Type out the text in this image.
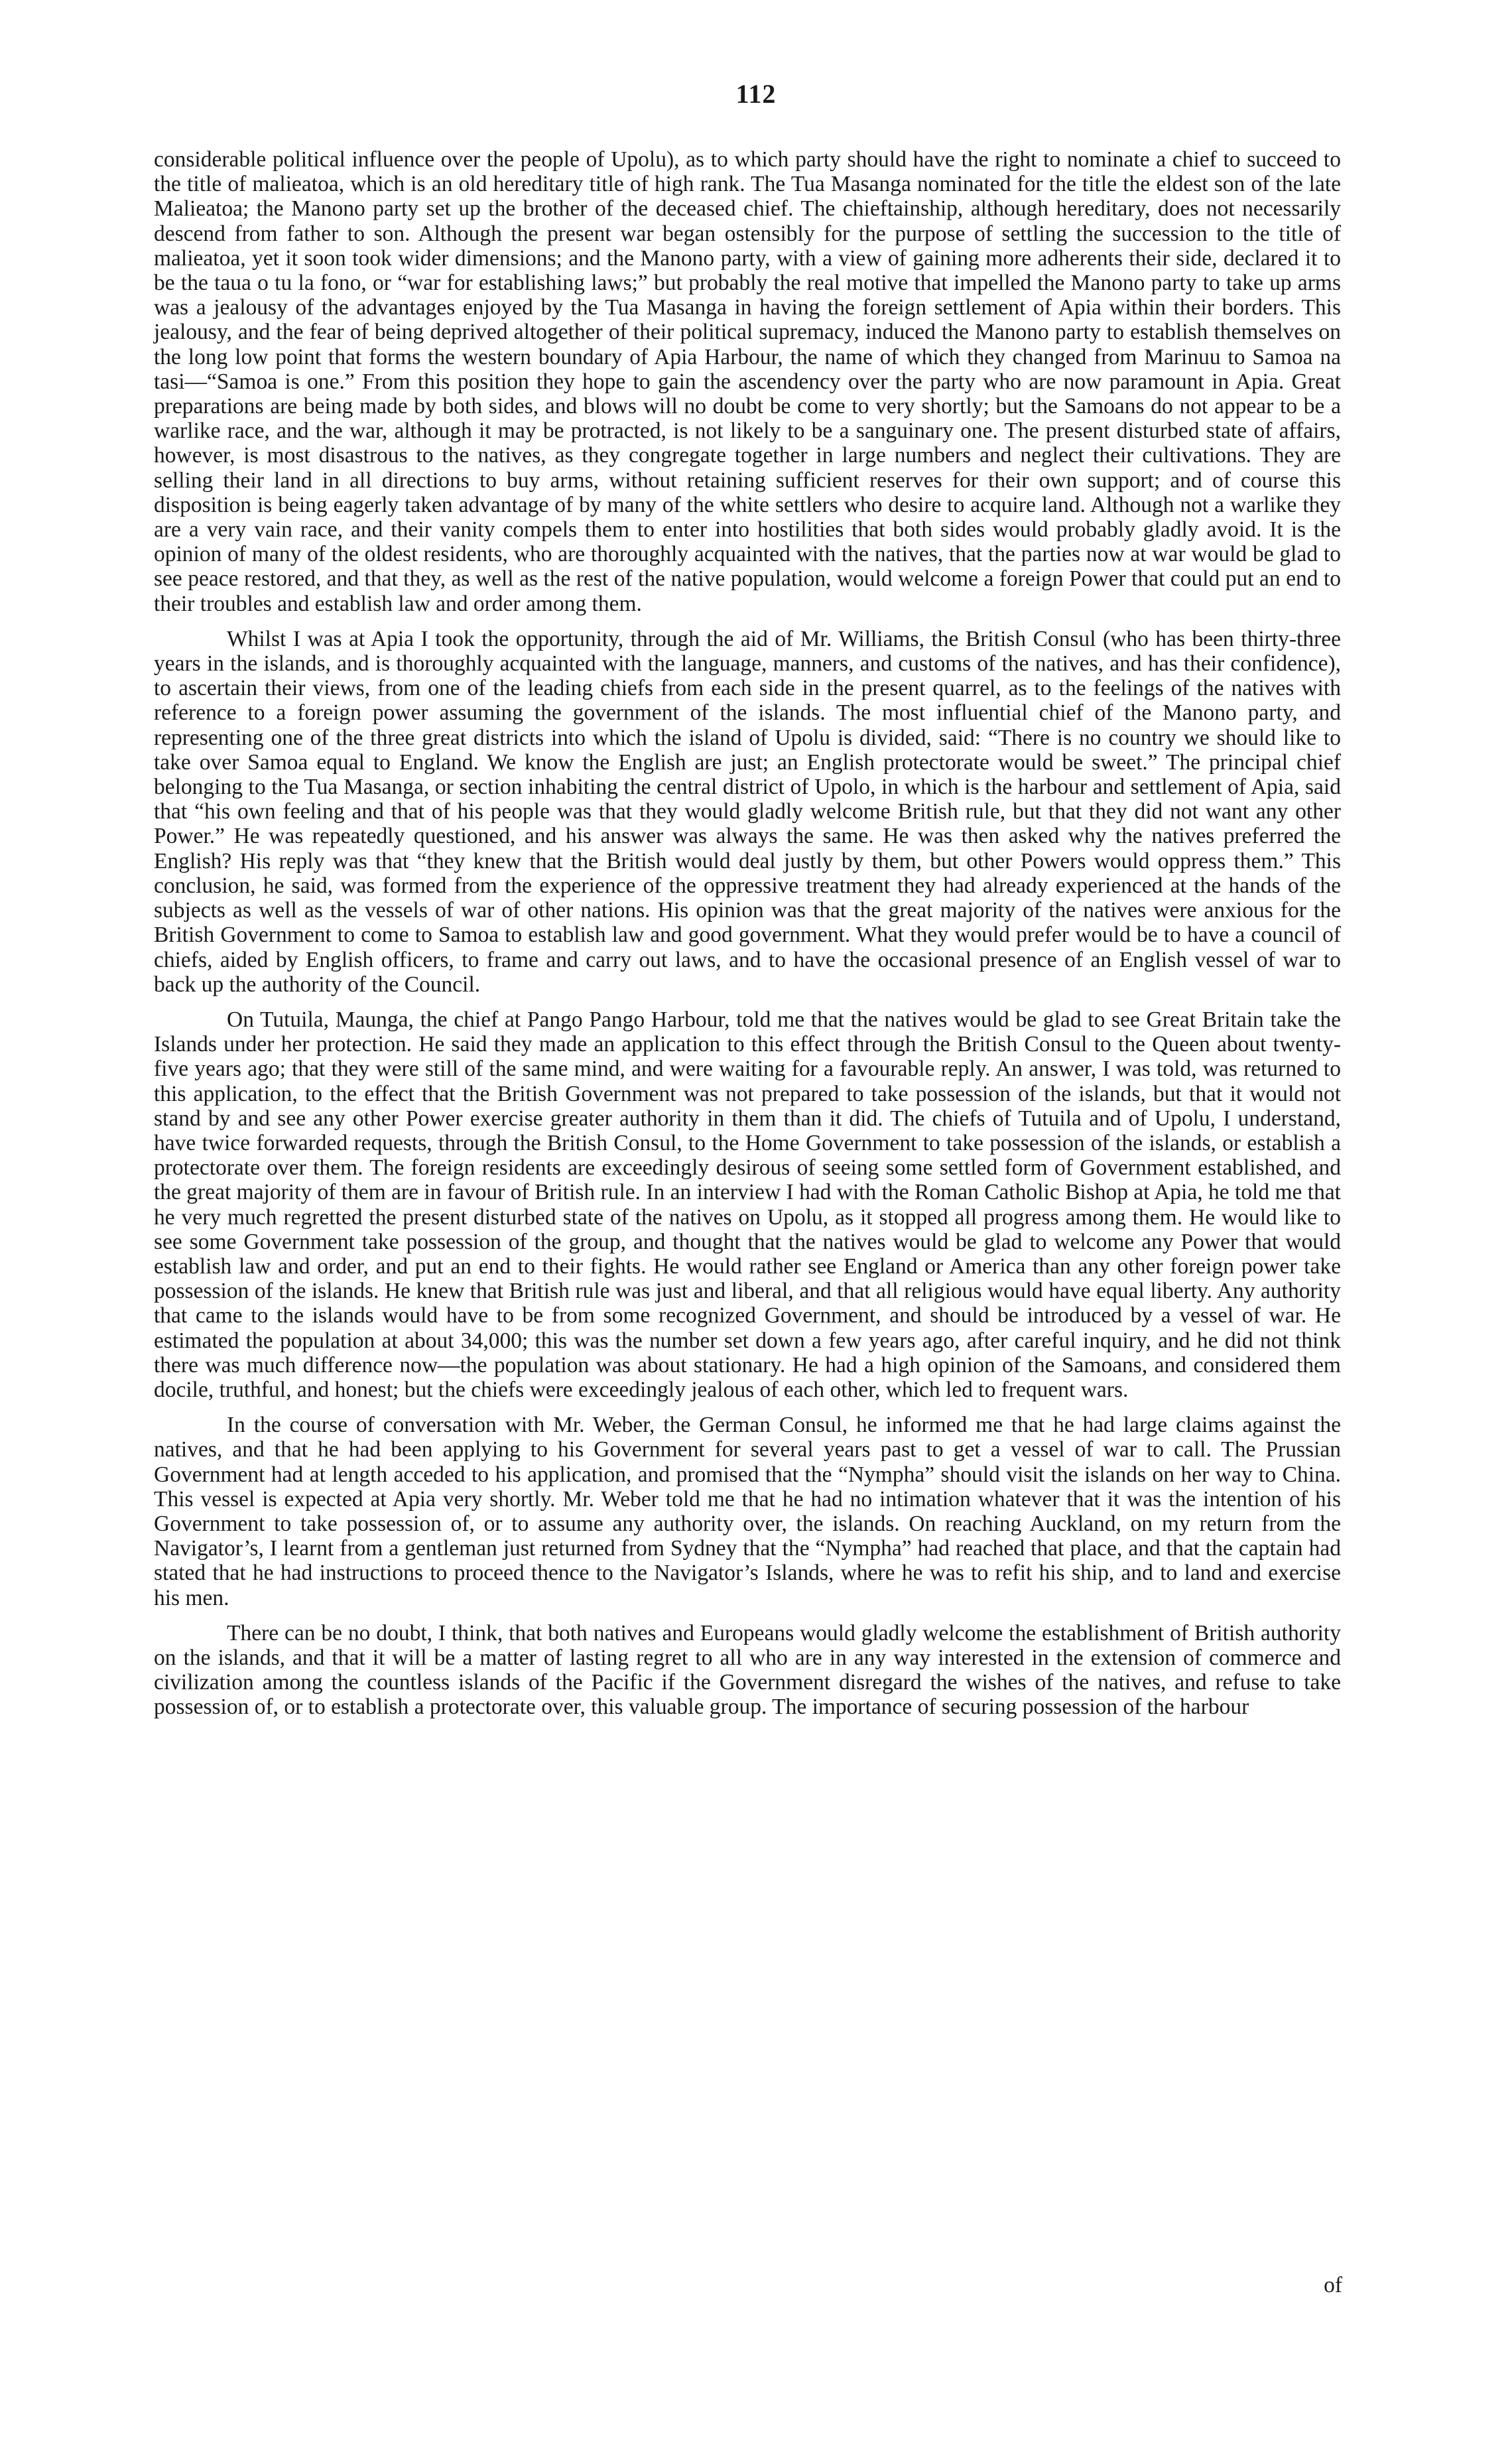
112

considerable political influence over the people of Upolu), as to which party should have the right to nominate a chief to succeed to the title of malieatoa, which is an old hereditary title of high rank. The Tua Masanga nominated for the title the eldest son of the late Malieatoa; the Manono party set up the brother of the deceased chief. The chieftainship, although hereditary, does not necessarily descend from father to son. Although the present war began ostensibly for the purpose of settling the succession to the title of malieatoa, yet it soon took wider dimensions; and the Manono party, with a view of gaining more adherents their side, declared it to be the taua o tu la fono, or “war for establishing laws;” but probably the real motive that impelled the Manono party to take up arms was a jealousy of the advantages enjoyed by the Tua Masanga in having the foreign settlement of Apia within their borders. This jealousy, and the fear of being deprived altogether of their political supremacy, induced the Manono party to establish themselves on the long low point that forms the western boundary of Apia Harbour, the name of which they changed from Marinuu to Samoa na tasi—“Samoa is one.” From this position they hope to gain the ascendency over the party who are now paramount in Apia. Great preparations are being made by both sides, and blows will no doubt be come to very shortly; but the Samoans do not appear to be a warlike race, and the war, although it may be protracted, is not likely to be a sanguinary one. The present disturbed state of affairs, however, is most disastrous to the natives, as they congregate together in large numbers and neglect their cultivations. They are selling their land in all directions to buy arms, without retaining sufficient reserves for their own support; and of course this disposition is being eagerly taken advantage of by many of the white settlers who desire to acquire land. Although not a warlike they are a very vain race, and their vanity compels them to enter into hostilities that both sides would probably gladly avoid. It is the opinion of many of the oldest residents, who are thoroughly acquainted with the natives, that the parties now at war would be glad to see peace restored, and that they, as well as the rest of the native population, would welcome a foreign Power that could put an end to their troubles and establish law and order among them.

Whilst I was at Apia I took the opportunity, through the aid of Mr. Williams, the British Consul (who has been thirty-three years in the islands, and is thoroughly acquainted with the language, manners, and customs of the natives, and has their confidence), to ascertain their views, from one of the leading chiefs from each side in the present quarrel, as to the feelings of the natives with reference to a foreign power assuming the government of the islands. The most influential chief of the Manono party, and representing one of the three great districts into which the island of Upolu is divided, said: “There is no country we should like to take over Samoa equal to England. We know the English are just; an English protectorate would be sweet.” The principal chief belonging to the Tua Masanga, or section inhabiting the central district of Upolo, in which is the harbour and settlement of Apia, said that “his own feeling and that of his people was that they would gladly welcome British rule, but that they did not want any other Power.” He was repeatedly questioned, and his answer was always the same. He was then asked why the natives preferred the English? His reply was that “they knew that the British would deal justly by them, but other Powers would oppress them.” This conclusion, he said, was formed from the experience of the oppressive treatment they had already experienced at the hands of the subjects as well as the vessels of war of other nations. His opinion was that the great majority of the natives were anxious for the British Government to come to Samoa to establish law and good government. What they would prefer would be to have a council of chiefs, aided by English officers, to frame and carry out laws, and to have the occasional presence of an English vessel of war to back up the authority of the Council.

On Tutuila, Maunga, the chief at Pango Pango Harbour, told me that the natives would be glad to see Great Britain take the Islands under her protection. He said they made an application to this effect through the British Consul to the Queen about twenty-five years ago; that they were still of the same mind, and were waiting for a favourable reply. An answer, I was told, was returned to this application, to the effect that the British Government was not prepared to take possession of the islands, but that it would not stand by and see any other Power exercise greater authority in them than it did. The chiefs of Tutuila and of Upolu, I understand, have twice forwarded requests, through the British Consul, to the Home Government to take possession of the islands, or establish a protectorate over them. The foreign residents are exceedingly desirous of seeing some settled form of Government established, and the great majority of them are in favour of British rule. In an interview I had with the Roman Catholic Bishop at Apia, he told me that he very much regretted the present disturbed state of the natives on Upolu, as it stopped all progress among them. He would like to see some Government take possession of the group, and thought that the natives would be glad to welcome any Power that would establish law and order, and put an end to their fights. He would rather see England or America than any other foreign power take possession of the islands. He knew that British rule was just and liberal, and that all religious would have equal liberty. Any authority that came to the islands would have to be from some recognized Government, and should be introduced by a vessel of war. He estimated the population at about 34,000; this was the number set down a few years ago, after careful inquiry, and he did not think there was much difference now—the population was about stationary. He had a high opinion of the Samoans, and considered them docile, truthful, and honest; but the chiefs were exceedingly jealous of each other, which led to frequent wars.

In the course of conversation with Mr. Weber, the German Consul, he informed me that he had large claims against the natives, and that he had been applying to his Government for several years past to get a vessel of war to call. The Prussian Government had at length acceded to his application, and promised that the “Nympha” should visit the islands on her way to China. This vessel is expected at Apia very shortly. Mr. Weber told me that he had no intimation whatever that it was the intention of his Government to take possession of, or to assume any authority over, the islands. On reaching Auckland, on my return from the Navigator’s, I learnt from a gentleman just returned from Sydney that the “Nympha” had reached that place, and that the captain had stated that he had instructions to proceed thence to the Navigator’s Islands, where he was to refit his ship, and to land and exercise his men.

There can be no doubt, I think, that both natives and Europeans would gladly welcome the establishment of British authority on the islands, and that it will be a matter of lasting regret to all who are in any way interested in the extension of commerce and civilization among the countless islands of the Pacific if the Government disregard the wishes of the natives, and refuse to take possession of, or to establish a protectorate over, this valuable group. The importance of securing possession of the harbour

of
